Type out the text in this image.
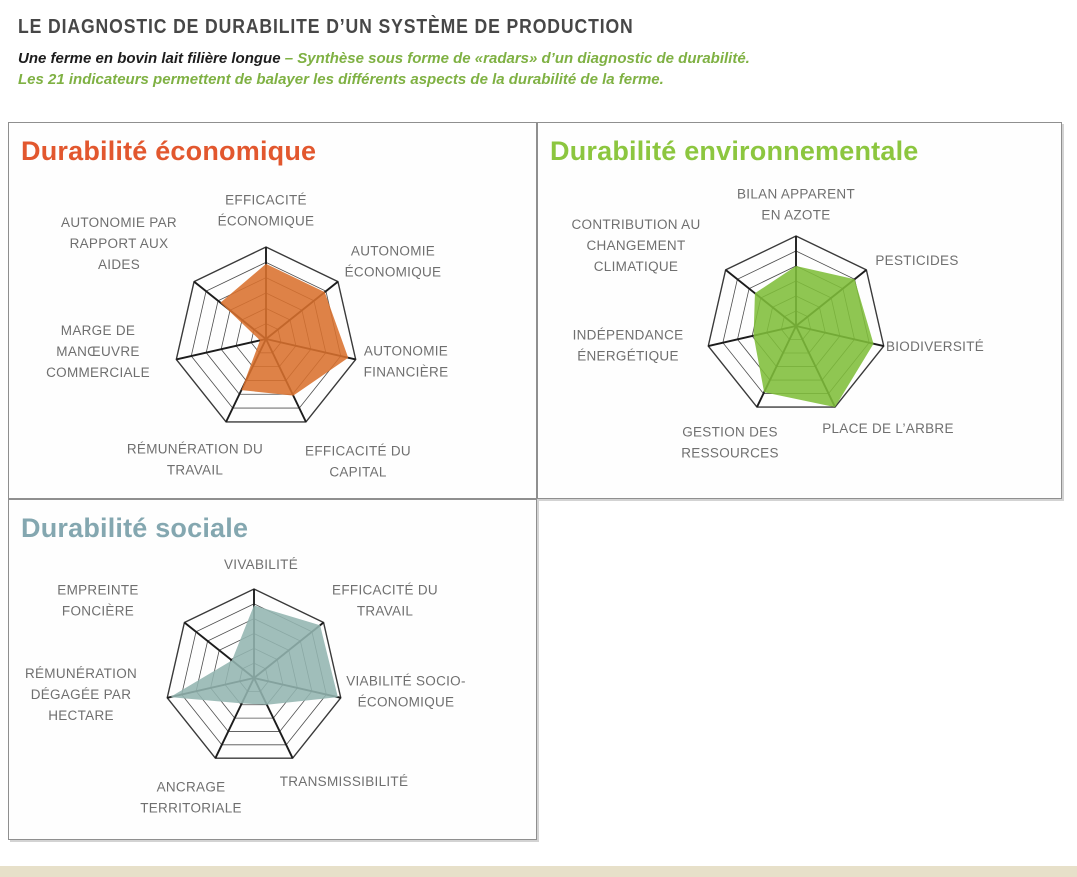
LE DIAGNOSTIC DE DURABILITE D’UN SYSTÈME DE PRODUCTION
Une ferme en bovin lait filière longue – Synthèse sous forme de «radars» d’un diagnostic de durabilité.
Les 21 indicateurs permettent de balayer les différents aspects de la durabilité de la ferme.
Durabilité économique
EFFICACITÉ ÉCONOMIQUE
AUTONOMIE ÉCONOMIQUE
AUTONOMIE FINANCIÈRE
EFFICACITÉ DU CAPITAL
RÉMUNÉRATION DU TRAVAIL
MARGE DE MANŒUVRE COMMERCIALE
AUTONOMIE PAR RAPPORT AUX AIDES
Durabilité environnementale
BILAN APPARENT EN AZOTE
PESTICIDES
BIODIVERSITÉ
PLACE DE L’ARBRE
GESTION DES RESSOURCES
INDÉPENDANCE ÉNERGÉTIQUE
CONTRIBUTION AU CHANGEMENT CLIMATIQUE
Durabilité sociale
VIVABILITÉ
EFFICACITÉ DU TRAVAIL
VIABILITÉ SOCIO-ÉCONOMIQUE
TRANSMISSIBILITÉ
ANCRAGE TERRITORIALE
RÉMUNÉRATION DÉGAGÉE PAR HECTARE
EMPREINTE FONCIÈRE
